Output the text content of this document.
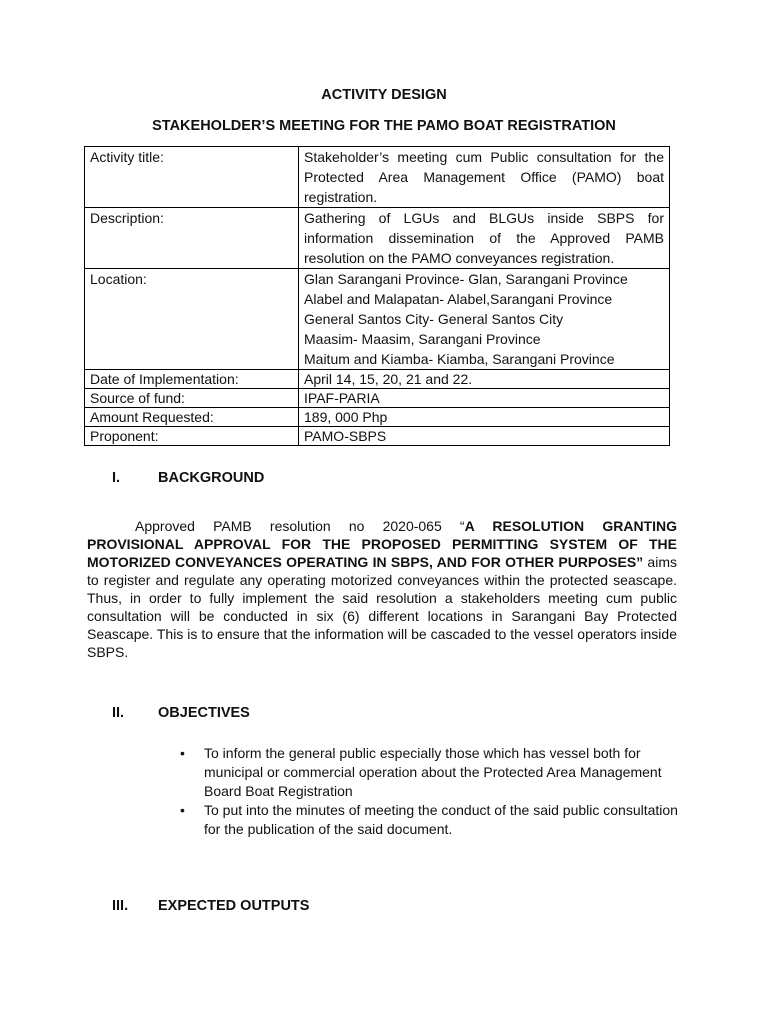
ACTIVITY DESIGN
STAKEHOLDER’S MEETING FOR THE PAMO BOAT REGISTRATION
Activity title:	Stakeholder’s meeting cum Public consultation for the Protected Area Management Office (PAMO) boat registration.
Description:	Gathering of LGUs and BLGUs inside SBPS for information dissemination of the Approved PAMB resolution on the PAMO conveyances registration.
Location:	Glan Sarangani Province- Glan, Sarangani Province
Alabel and Malapatan- Alabel,Sarangani Province
General Santos City- General Santos City
Maasim- Maasim, Sarangani Province
Maitum and Kiamba- Kiamba, Sarangani Province

Date of Implementation:	April 14, 15, 20, 21 and 22.
Source of fund:	IPAF-PARIA
Amount Requested:	189, 000 Php
Proponent:	PAMO-SBPS
I.	BACKGROUND
Approved PAMB resolution no 2020-065 “A RESOLUTION GRANTING PROVISIONAL APPROVAL FOR THE PROPOSED PERMITTING SYSTEM OF THE MOTORIZED CONVEYANCES OPERATING IN SBPS, AND FOR OTHER PURPOSES” aims to register and regulate any operating motorized conveyances within the protected seascape. Thus, in order to fully implement the said resolution a stakeholders meeting cum public consultation will be conducted in six (6) different locations in Sarangani Bay Protected Seascape. This is to ensure that the information will be cascaded to the vessel operators inside SBPS.
II. OBJECTIVES
• To inform the general public especially those which has vessel both for municipal or commercial operation about the Protected Area Management Board Boat Registration
• To put into the minutes of meeting the conduct of the said public consultation for the publication of the said document.
III. EXPECTED OUTPUTS
